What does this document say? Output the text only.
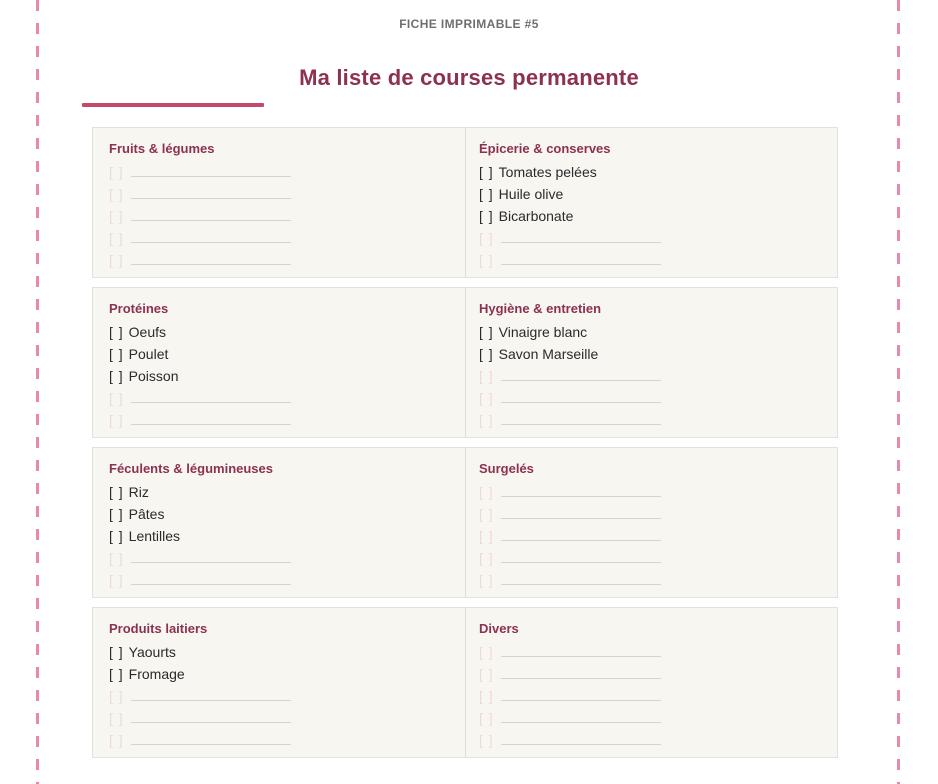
FICHE IMPRIMABLE #5
Ma liste de courses permanente
Fruits & légumes
[ ]
[ ]
[ ]
[ ]
[ ]
Épicerie & conserves
[ ] Tomates pelées
[ ] Huile olive
[ ] Bicarbonate
[ ]
[ ]
Protéines
[ ] Oeufs
[ ] Poulet
[ ] Poisson
[ ]
[ ]
Hygiène & entretien
[ ] Vinaigre blanc
[ ] Savon Marseille
[ ]
[ ]
[ ]
Féculents & légumineuses
[ ] Riz
[ ] Pâtes
[ ] Lentilles
[ ]
[ ]
Surgelés
[ ]
[ ]
[ ]
[ ]
[ ]
Produits laitiers
[ ] Yaourts
[ ] Fromage
[ ]
[ ]
[ ]
Divers
[ ]
[ ]
[ ]
[ ]
[ ]
